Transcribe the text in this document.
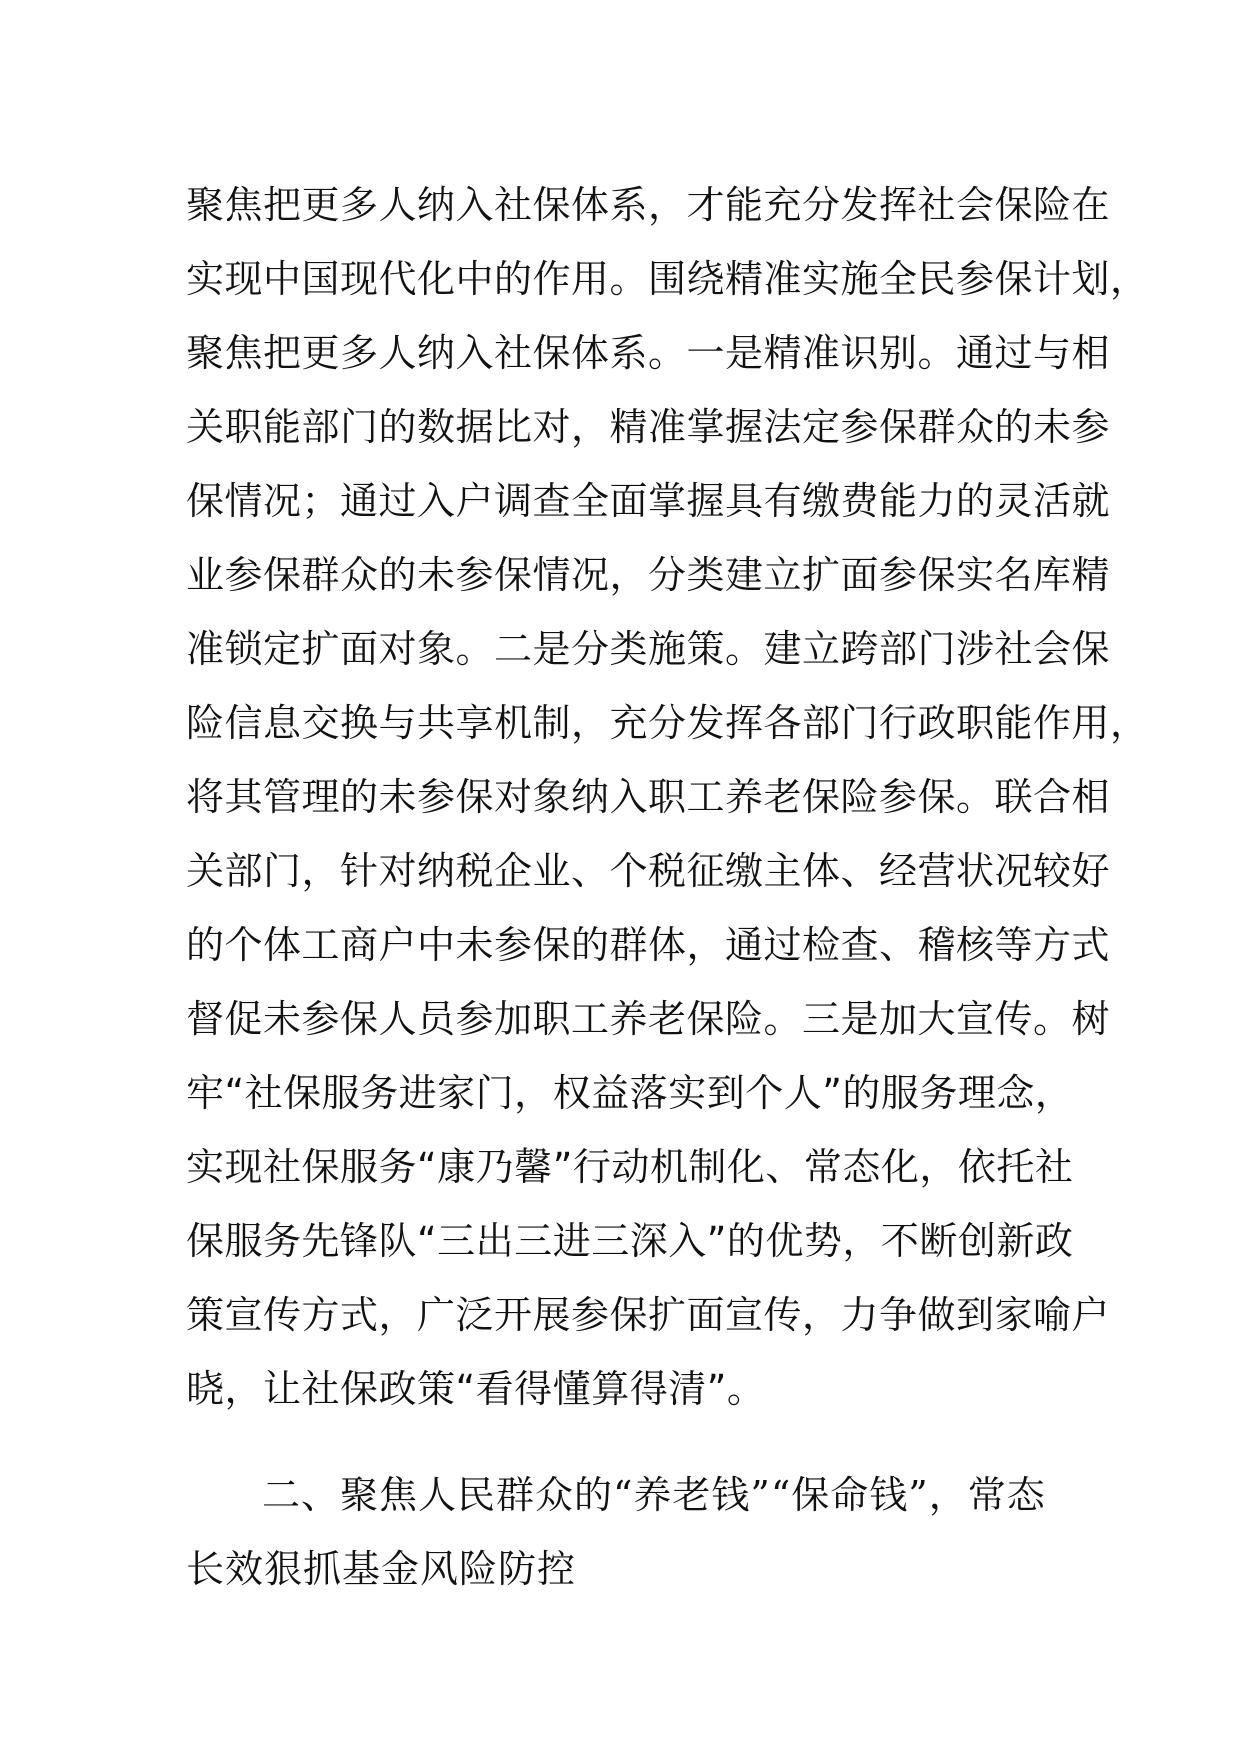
聚焦把更多人纳入社保体系，才能充分发挥社会保险在
实现中国现代化中的作用。围绕精准实施全民参保计划，
聚焦把更多人纳入社保体系。一是精准识别。通过与相
关职能部门的数据比对，精准掌握法定参保群众的未参
保情况；通过入户调查全面掌握具有缴费能力的灵活就
业参保群众的未参保情况，分类建立扩面参保实名库精
准锁定扩面对象。二是分类施策。建立跨部门涉社会保
险信息交换与共享机制，充分发挥各部门行政职能作用，
将其管理的未参保对象纳入职工养老保险参保。联合相
关部门，针对纳税企业、个税征缴主体、经营状况较好
的个体工商户中未参保的群体，通过检查、稽核等方式
督促未参保人员参加职工养老保险。三是加大宣传。树
牢“社保服务进家门，权益落实到个人”的服务理念，
实现社保服务“康乃馨”行动机制化、常态化，依托社
保服务先锋队“三出三进三深入”的优势，不断创新政
策宣传方式，广泛开展参保扩面宣传，力争做到家喻户
晓，让社保政策“看得懂算得清”。
二、聚焦人民群众的“养老钱”“保命钱”，常态
长效狠抓基金风险防控
